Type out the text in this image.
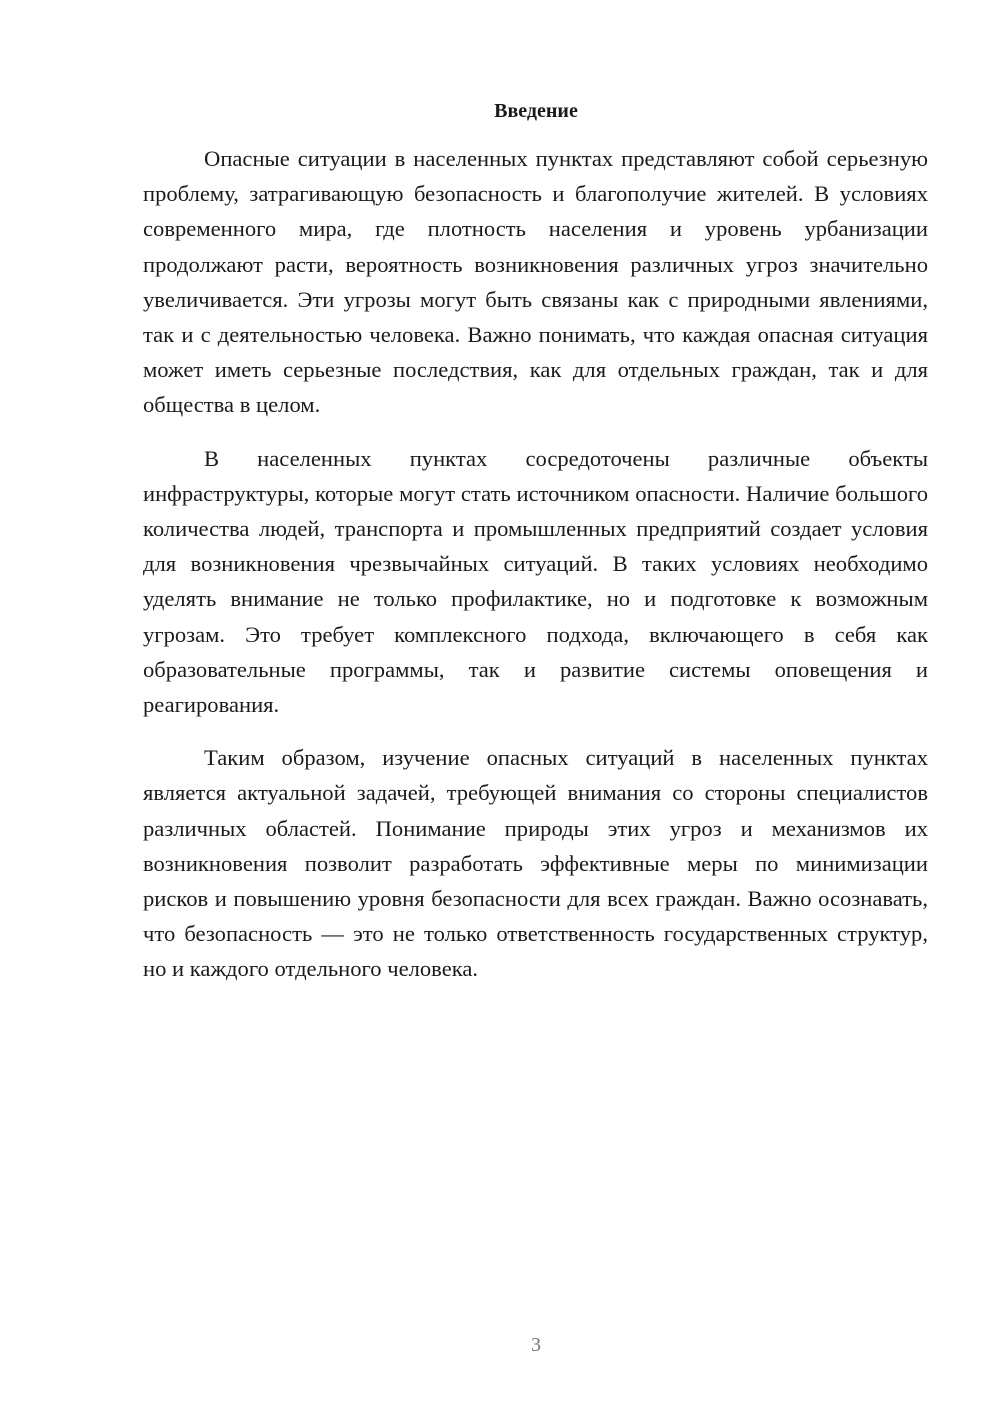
Введение

Опасные ситуации в населенных пунктах представляют собой серьезную проблему, затрагивающую безопасность и благополучие жителей. В условиях современного мира, где плотность населения и уровень урбанизации продолжают расти, вероятность возникновения различных угроз значительно увеличивается. Эти угрозы могут быть связаны как с природными явлениями, так и с деятельностью человека. Важно понимать, что каждая опасная ситуация может иметь серьезные последствия, как для отдельных граждан, так и для общества в целом.

В населенных пунктах сосредоточены различные объекты инфраструктуры, которые могут стать источником опасности. Наличие большого количества людей, транспорта и промышленных предприятий создает условия для возникновения чрезвычайных ситуаций. В таких условиях необходимо уделять внимание не только профилактике, но и подготовке к возможным угрозам. Это требует комплексного подхода, включающего в себя как образовательные программы, так и развитие системы оповещения и реагирования.

Таким образом, изучение опасных ситуаций в населенных пунктах является актуальной задачей, требующей внимания со стороны специалистов различных областей. Понимание природы этих угроз и механизмов их возникновения позволит разработать эффективные меры по минимизации рисков и повышению уровня безопасности для всех граждан. Важно осознавать, что безопасность — это не только ответственность государственных структур, но и каждого отдельного человека.

3
